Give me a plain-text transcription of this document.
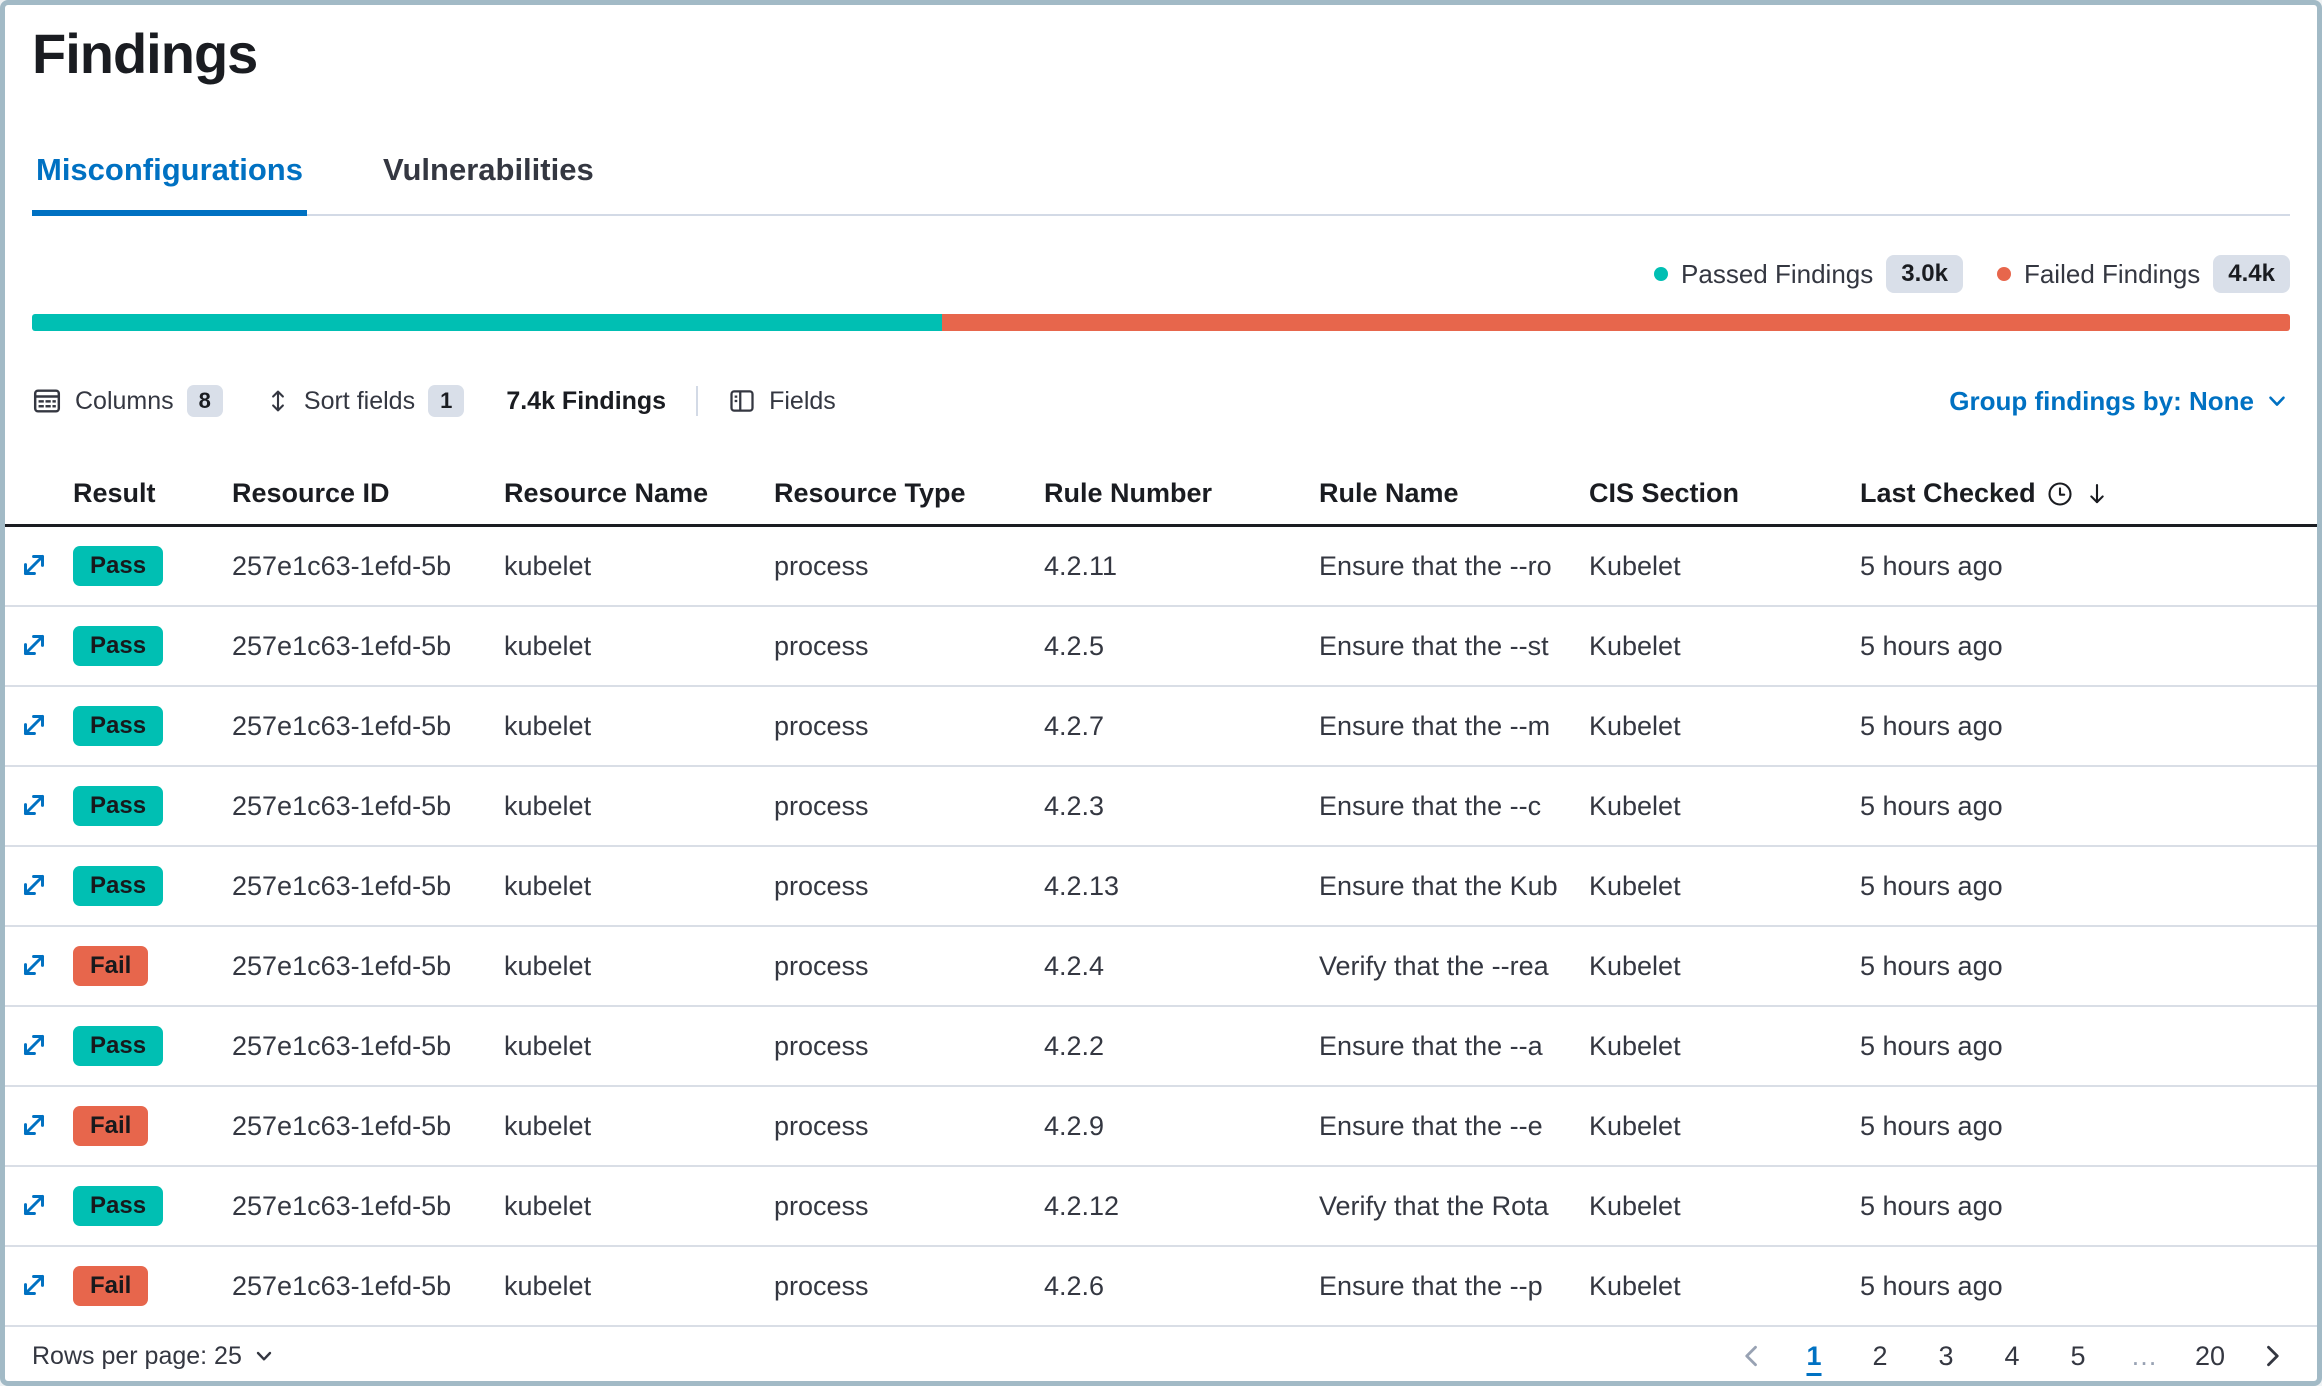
Findings
Misconfigurations	Vulnerabilities
Passed Findings	3.0k	Failed Findings	4.4k
Columns	8	Sort fields	1	7.4k Findings	Fields	Group findings by: None
Result	Resource ID	Resource Name	Resource Type	Rule Number	Rule Name	CIS Section	Last Checked
Pass	257e1c63-1efd-5b	kubelet	process	4.2.11	Ensure that the --ro	Kubelet	5 hours ago
Pass	257e1c63-1efd-5b	kubelet	process	4.2.5	Ensure that the --st	Kubelet	5 hours ago
Pass	257e1c63-1efd-5b	kubelet	process	4.2.7	Ensure that the --m	Kubelet	5 hours ago
Pass	257e1c63-1efd-5b	kubelet	process	4.2.3	Ensure that the --c	Kubelet	5 hours ago
Pass	257e1c63-1efd-5b	kubelet	process	4.2.13	Ensure that the Kub	Kubelet	5 hours ago
Fail	257e1c63-1efd-5b	kubelet	process	4.2.4	Verify that the --rea	Kubelet	5 hours ago
Pass	257e1c63-1efd-5b	kubelet	process	4.2.2	Ensure that the --a	Kubelet	5 hours ago
Fail	257e1c63-1efd-5b	kubelet	process	4.2.9	Ensure that the --e	Kubelet	5 hours ago
Pass	257e1c63-1efd-5b	kubelet	process	4.2.12	Verify that the Rota	Kubelet	5 hours ago
Fail	257e1c63-1efd-5b	kubelet	process	4.2.6	Ensure that the --p	Kubelet	5 hours ago
Rows per page: 25	1	2	3	4	5	…	20
